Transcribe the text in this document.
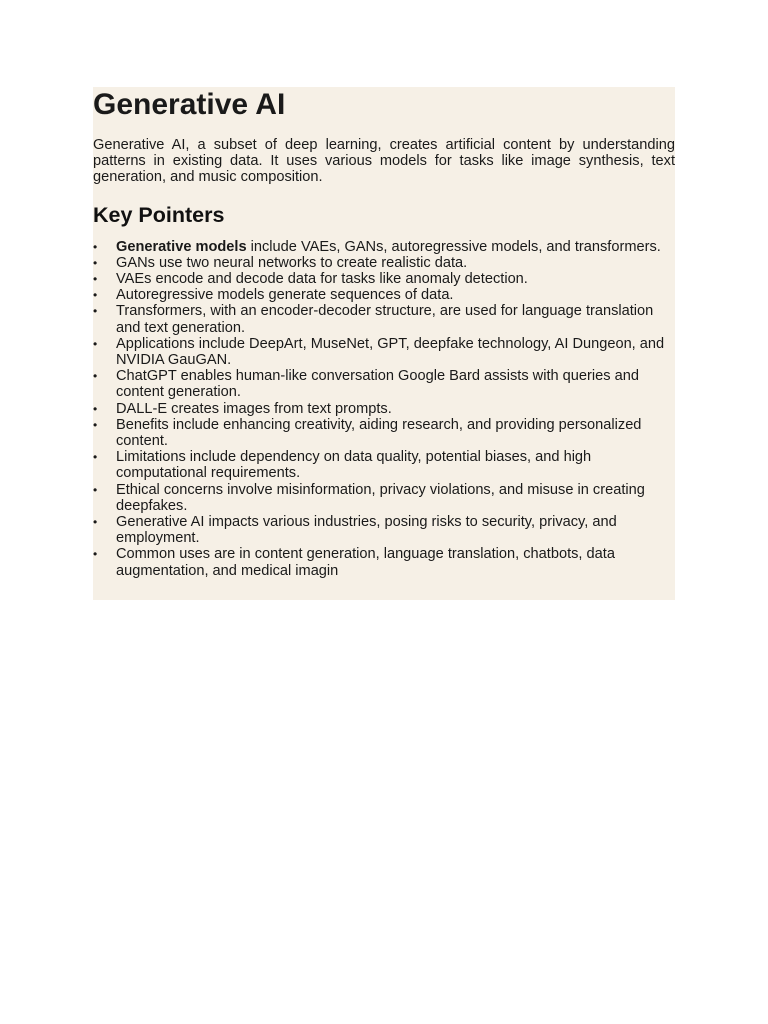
Generative AI

Generative AI, a subset of deep learning, creates artificial content by understanding patterns in existing data. It uses various models for tasks like image synthesis, text generation, and music composition.

Key Pointers
•	Generative models include VAEs, GANs, autoregressive models, and transformers.
•	GANs use two neural networks to create realistic data.
•	VAEs encode and decode data for tasks like anomaly detection.
•	Autoregressive models generate sequences of data.
•	Transformers, with an encoder-decoder structure, are used for language translation and text generation.
•	Applications include DeepArt, MuseNet, GPT, deepfake technology, AI Dungeon, and NVIDIA GauGAN.
•	ChatGPT enables human-like conversation Google Bard assists with queries and content generation.
•	DALL-E creates images from text prompts.
•	Benefits include enhancing creativity, aiding research, and providing personalized content.
•	Limitations include dependency on data quality, potential biases, and high computational requirements.
•	Ethical concerns involve misinformation, privacy violations, and misuse in creating deepfakes.
•	Generative AI impacts various industries, posing risks to security, privacy, and employment.
•	Common uses are in content generation, language translation, chatbots, data augmentation, and medical imagin
